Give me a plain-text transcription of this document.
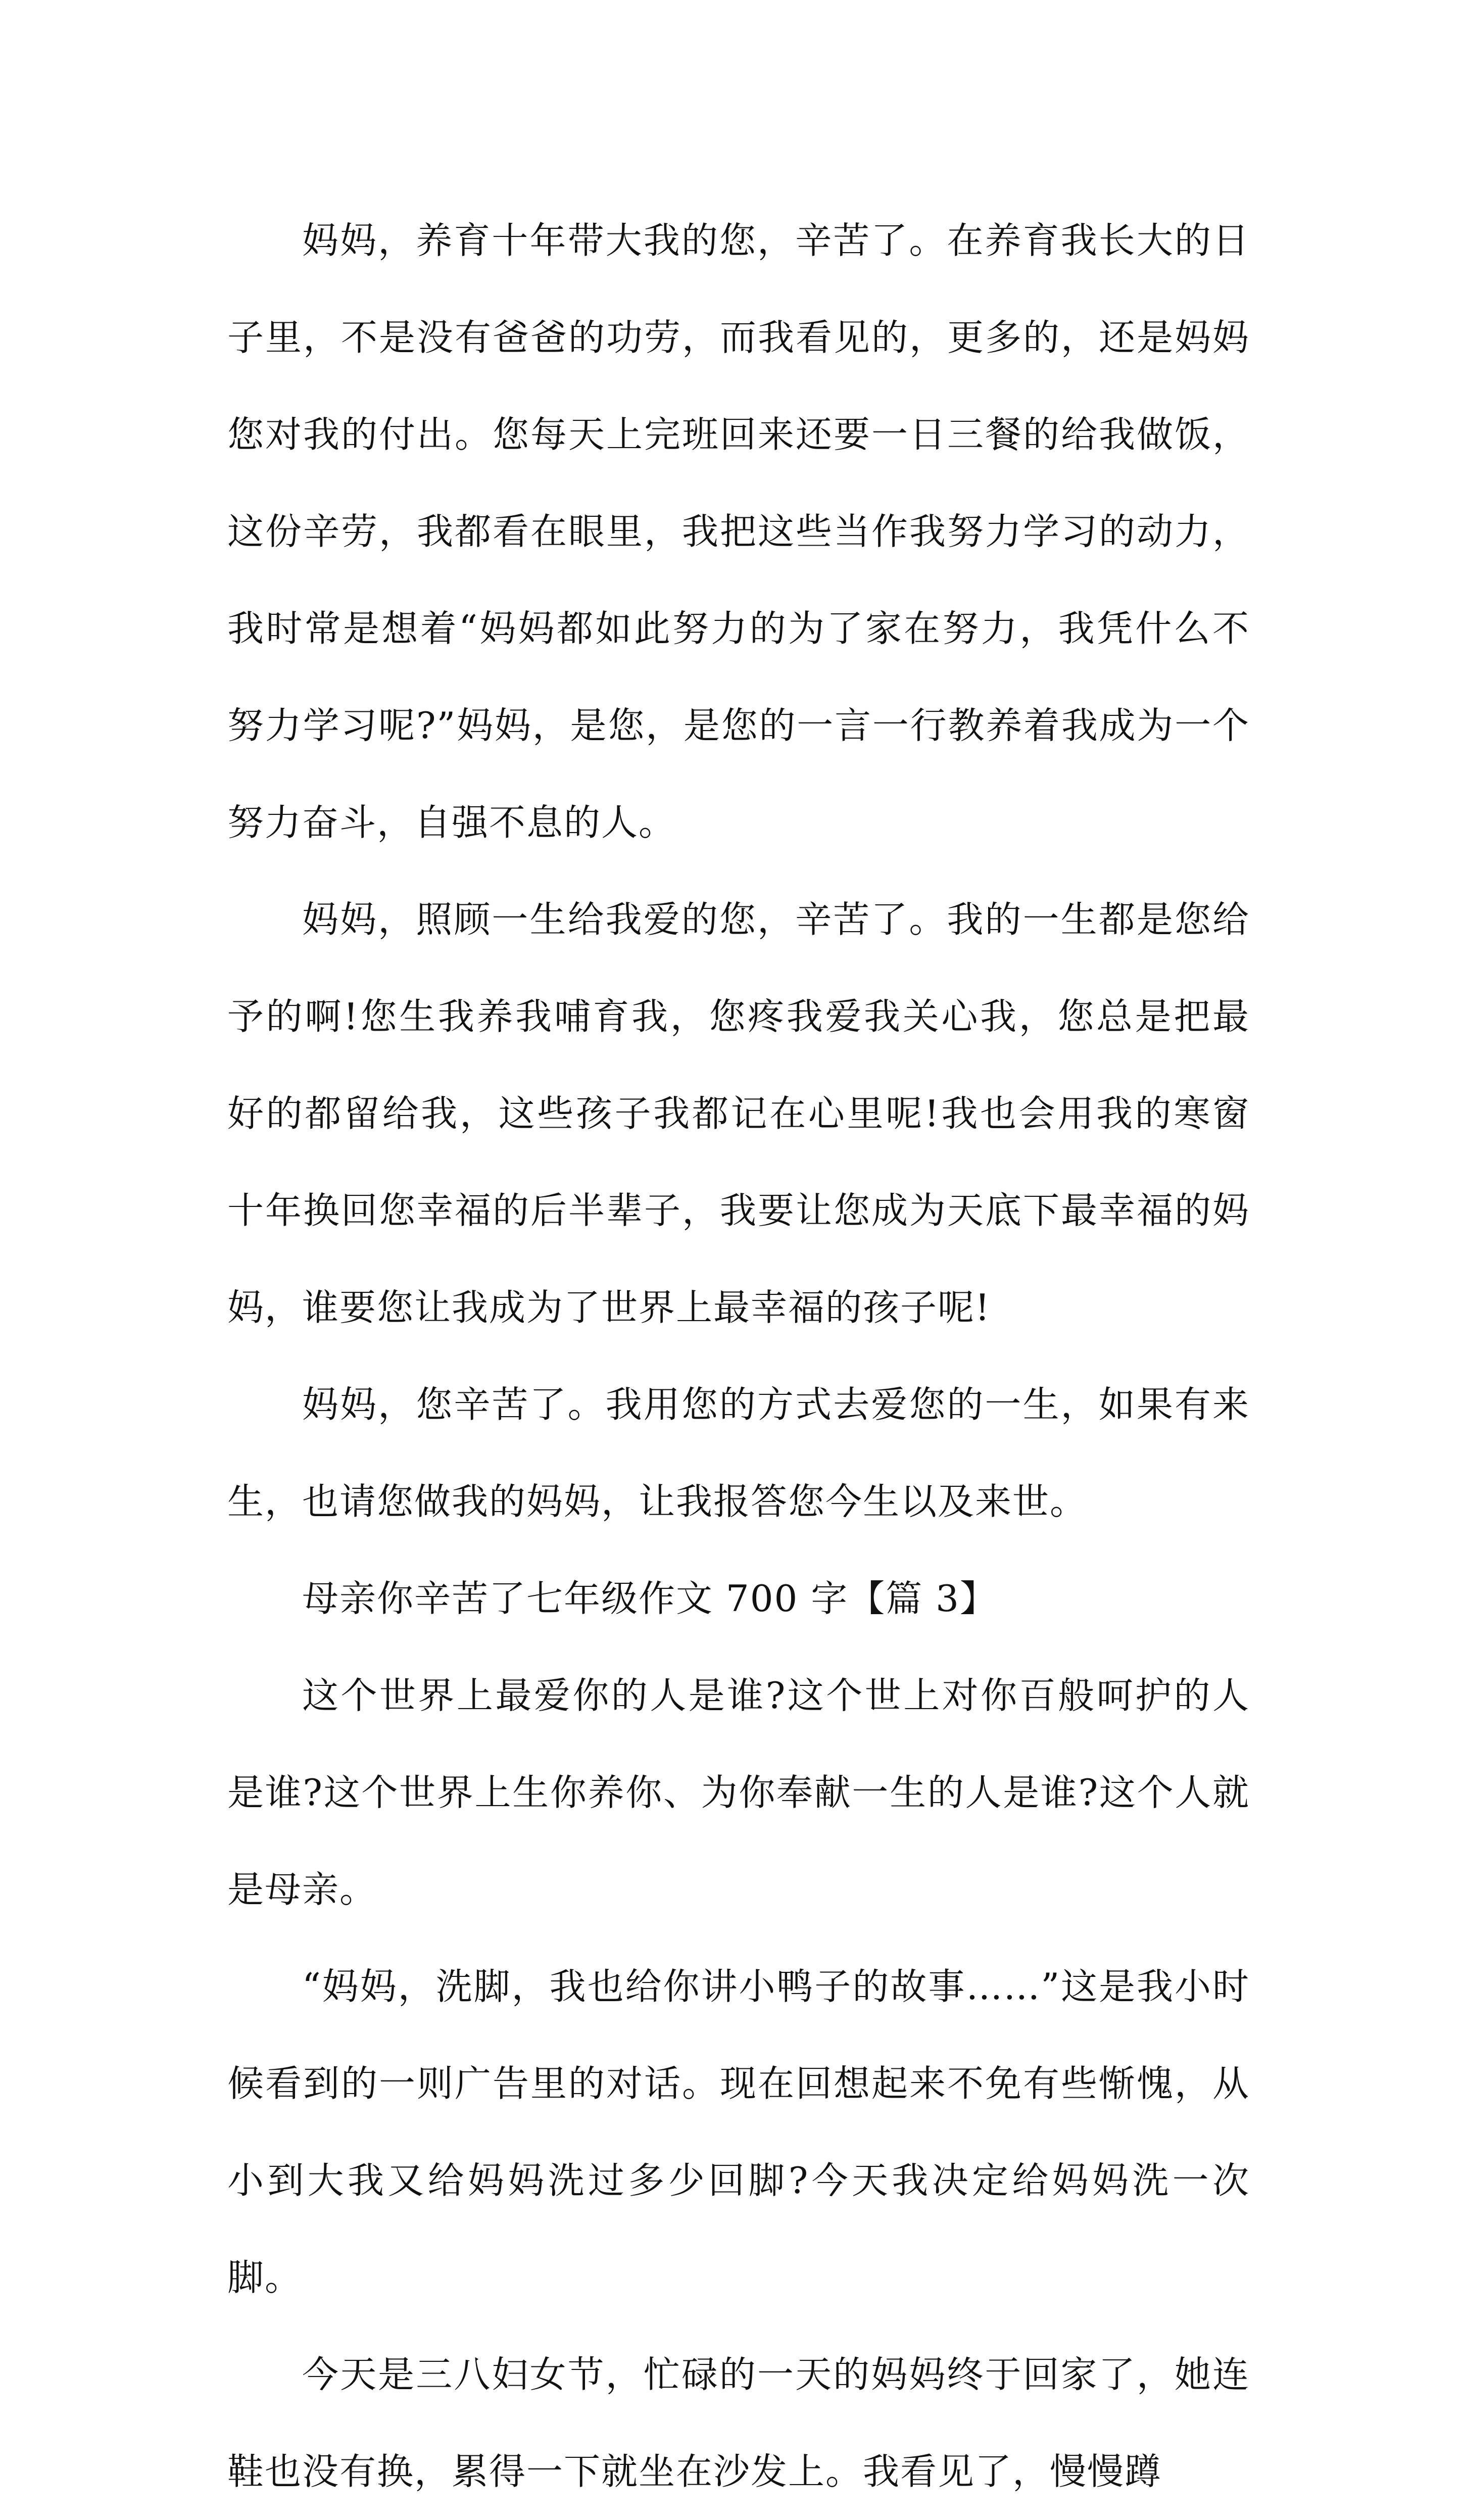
妈妈，养育十年带大我的您，辛苦了。在养育我长大的日子里，不是没有爸爸的功劳，而我看见的，更多的，还是妈妈您对我的付出。您每天上完班回来还要一日三餐的给我做饭，这份辛劳，我都看在眼里，我把这些当作我努力学习的动力，我时常是想着“妈妈都如此努力的为了家在努力，我凭什么不努力学习呢?”妈妈，是您，是您的一言一行教养着我成为一个努力奋斗，自强不息的人。

妈妈，照顾一生给我爱的您，辛苦了。我的一生都是您给予的啊!您生我养我哺育我，您疼我爱我关心我，您总是把最好的都留给我，这些孩子我都记在心里呢!我也会用我的寒窗十年换回您幸福的后半辈子，我要让您成为天底下最幸福的妈妈，谁要您让我成为了世界上最幸福的孩子呢!

妈妈，您辛苦了。我用您的方式去爱您的一生，如果有来生，也请您做我的妈妈，让我报答您今生以及来世。

母亲你辛苦了七年级作文 700 字【篇 3】

这个世界上最爱你的人是谁?这个世上对你百般呵护的人是谁?这个世界上生你养你、为你奉献一生的人是谁?这个人就是母亲。

“妈妈，洗脚，我也给你讲小鸭子的故事……”这是我小时候看到的一则广告里的对话。现在回想起来不免有些惭愧，从小到大我又给妈妈洗过多少回脚?今天我决定给妈妈洗一次脚。

今天是三八妇女节，忙碌的一天的妈妈终于回家了，她连鞋也没有换，累得一下就坐在沙发上。我看见了，慢慢蹲
